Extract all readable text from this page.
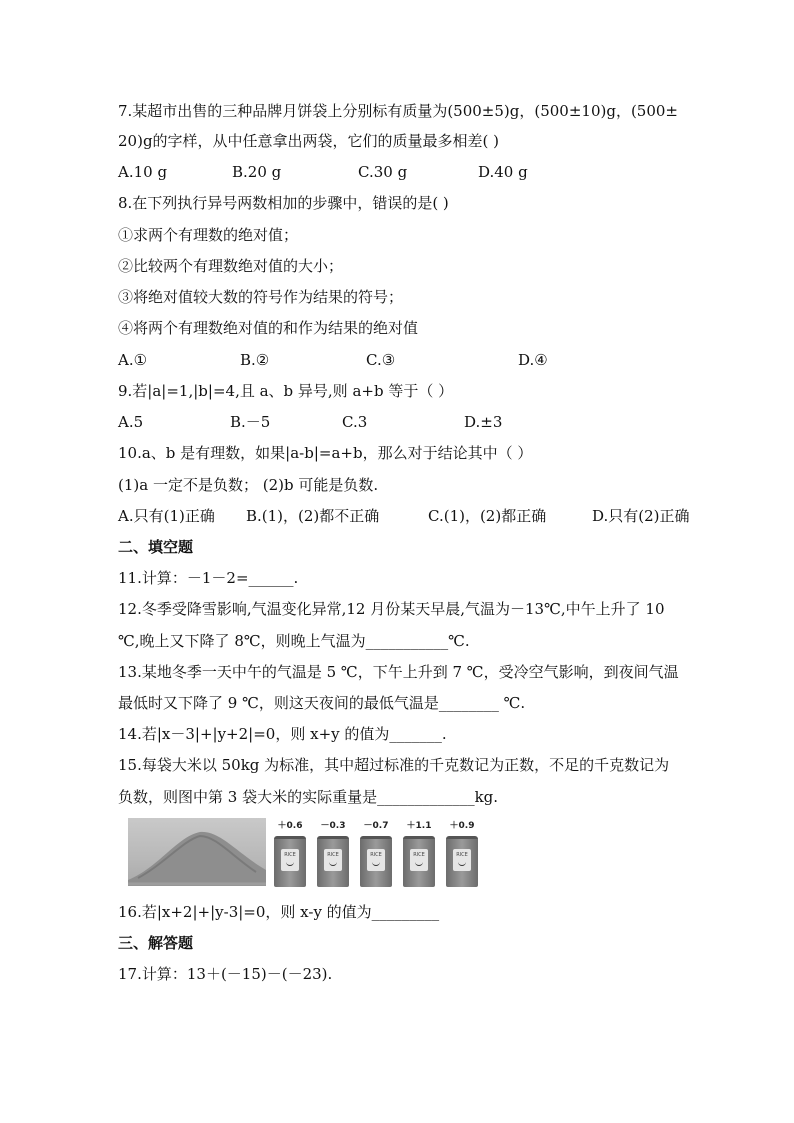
7.某超市出售的三种品牌月饼袋上分别标有质量为(500±5)g，(500±10)g，(500±
20)g的字样，从中任意拿出两袋，它们的质量最多相差( )
A.10 g	B.20 g	C.30 g	D.40 g
8.在下列执行异号两数相加的步骤中，错误的是( )
①求两个有理数的绝对值；
②比较两个有理数绝对值的大小；
③将绝对值较大数的符号作为结果的符号；
④将两个有理数绝对值的和作为结果的绝对值
A.①	B.②	C.③	D.④
9.若|a|=1,|b|=4,且 a、b 异号,则 a+b 等于（ ）
A.5	B.－5	C.3	D.±3
10.a、b 是有理数，如果|a-b|=a+b，那么对于结论其中（ ）
(1)a 一定不是负数； (2)b 可能是负数.
A.只有(1)正确 B.(1)，(2)都不正确	C.(1)，(2)都正确	D.只有(2)正确
二、填空题
11.计算：－1－2=______.
12.冬季受降雪影响,气温变化异常,12 月份某天早晨,气温为－13℃,中午上升了 10
℃,晚上又下降了 8℃，则晚上气温为___________℃.
13.某地冬季一天中午的气温是 5 ℃，下午上升到 7 ℃，受冷空气影响，到夜间气温
最低时又下降了 9 ℃，则这天夜间的最低气温是________ ℃.
14.若|x－3|+|y+2|=0，则 x+y 的值为_______.
15.每袋大米以 50kg 为标准，其中超过标准的千克数记为正数，不足的千克数记为
负数，则图中第 3 袋大米的实际重量是_____________kg.
＋0.6
RICE
－0.3
RICE
－0.7
RICE
＋1.1
RICE
＋0.9
RICE
16.若|x+2|+|y-3|=0，则 x-y 的值为_________
三、解答题
17.计算：13＋(－15)－(－23).
